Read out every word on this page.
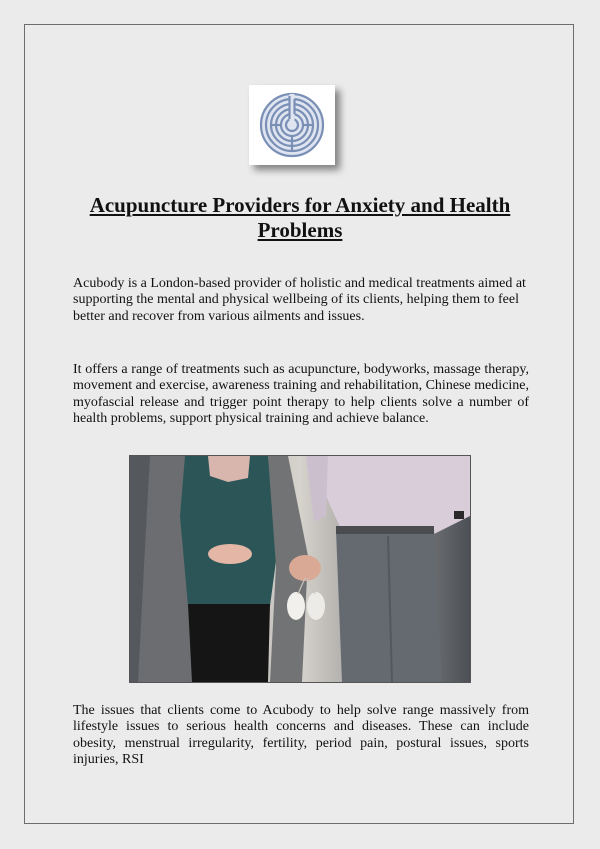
Acupuncture Providers for Anxiety and Health Problems

Acubody is a London-based provider of holistic and medical treatments aimed at supporting the mental and physical wellbeing of its clients, helping them to feel better and recover from various ailments and issues.

It offers a range of treatments such as acupuncture, bodyworks, massage therapy, movement and exercise, awareness training and rehabilitation, Chinese medicine, myofascial release and trigger point therapy to help clients solve a number of health problems, support physical training and achieve balance.

The issues that clients come to Acubody to help solve range massively from lifestyle issues to serious health concerns and diseases. These can include obesity, menstrual irregularity, fertility, period pain, postural issues, sports injuries, RSI
